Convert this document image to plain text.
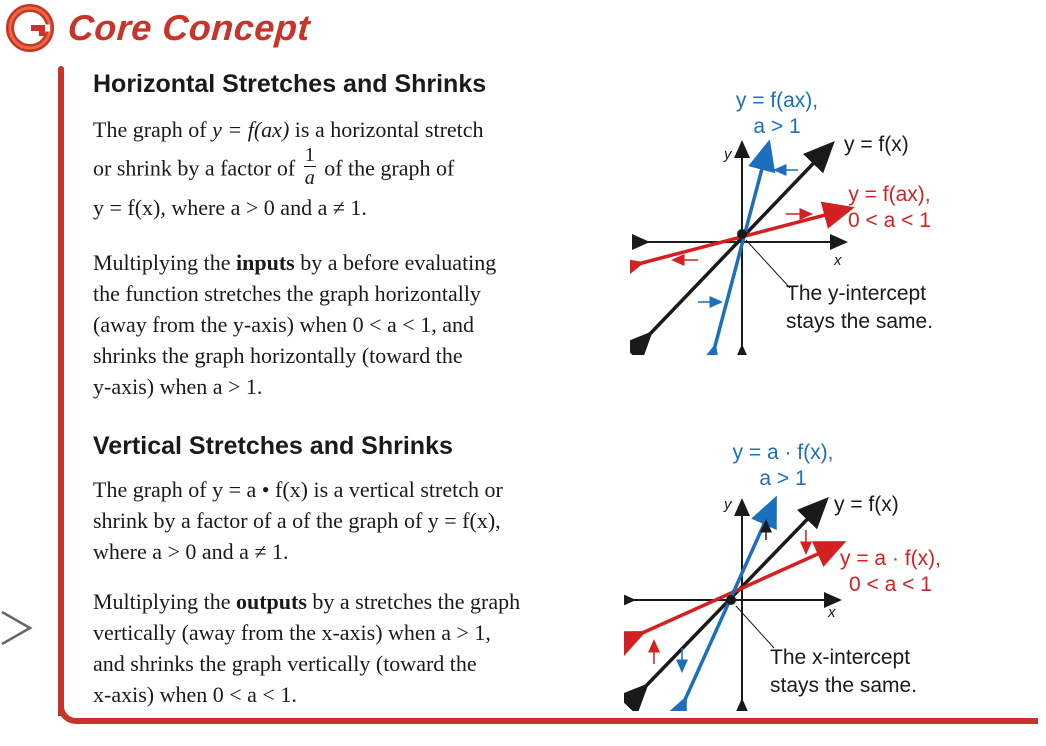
Core Concept
Horizontal Stretches and Shrinks
The graph of y = f(ax) is a horizontal stretch
or shrink by a factor of $\frac{1}{a}$ of the graph of
y = f(x), where a > 0 and a ≠ 1.
Multiplying the inputs by a before evaluating
the function stretches the graph horizontally
(away from the y-axis) when 0 < a < 1, and
shrinks the graph horizontally (toward the
y-axis) when a > 1.
Vertical Stretches and Shrinks
The graph of y = a • f(x) is a vertical stretch or
shrink by a factor of a of the graph of y = f(x),
where a > 0 and a ≠ 1.
Multiplying the outputs by a stretches the graph
vertically (away from the x-axis) when a > 1,
and shrinks the graph vertically (toward the
x-axis) when 0 < a < 1.
y
x
y = f(ax),
a > 1
y = f(x)
y = f(ax),
0 < a < 1
The y-intercept
stays the same.
y
x
y = a · f(x),
a > 1
y = f(x)
y = a · f(x),
0 < a < 1
The x-intercept
stays the same.
